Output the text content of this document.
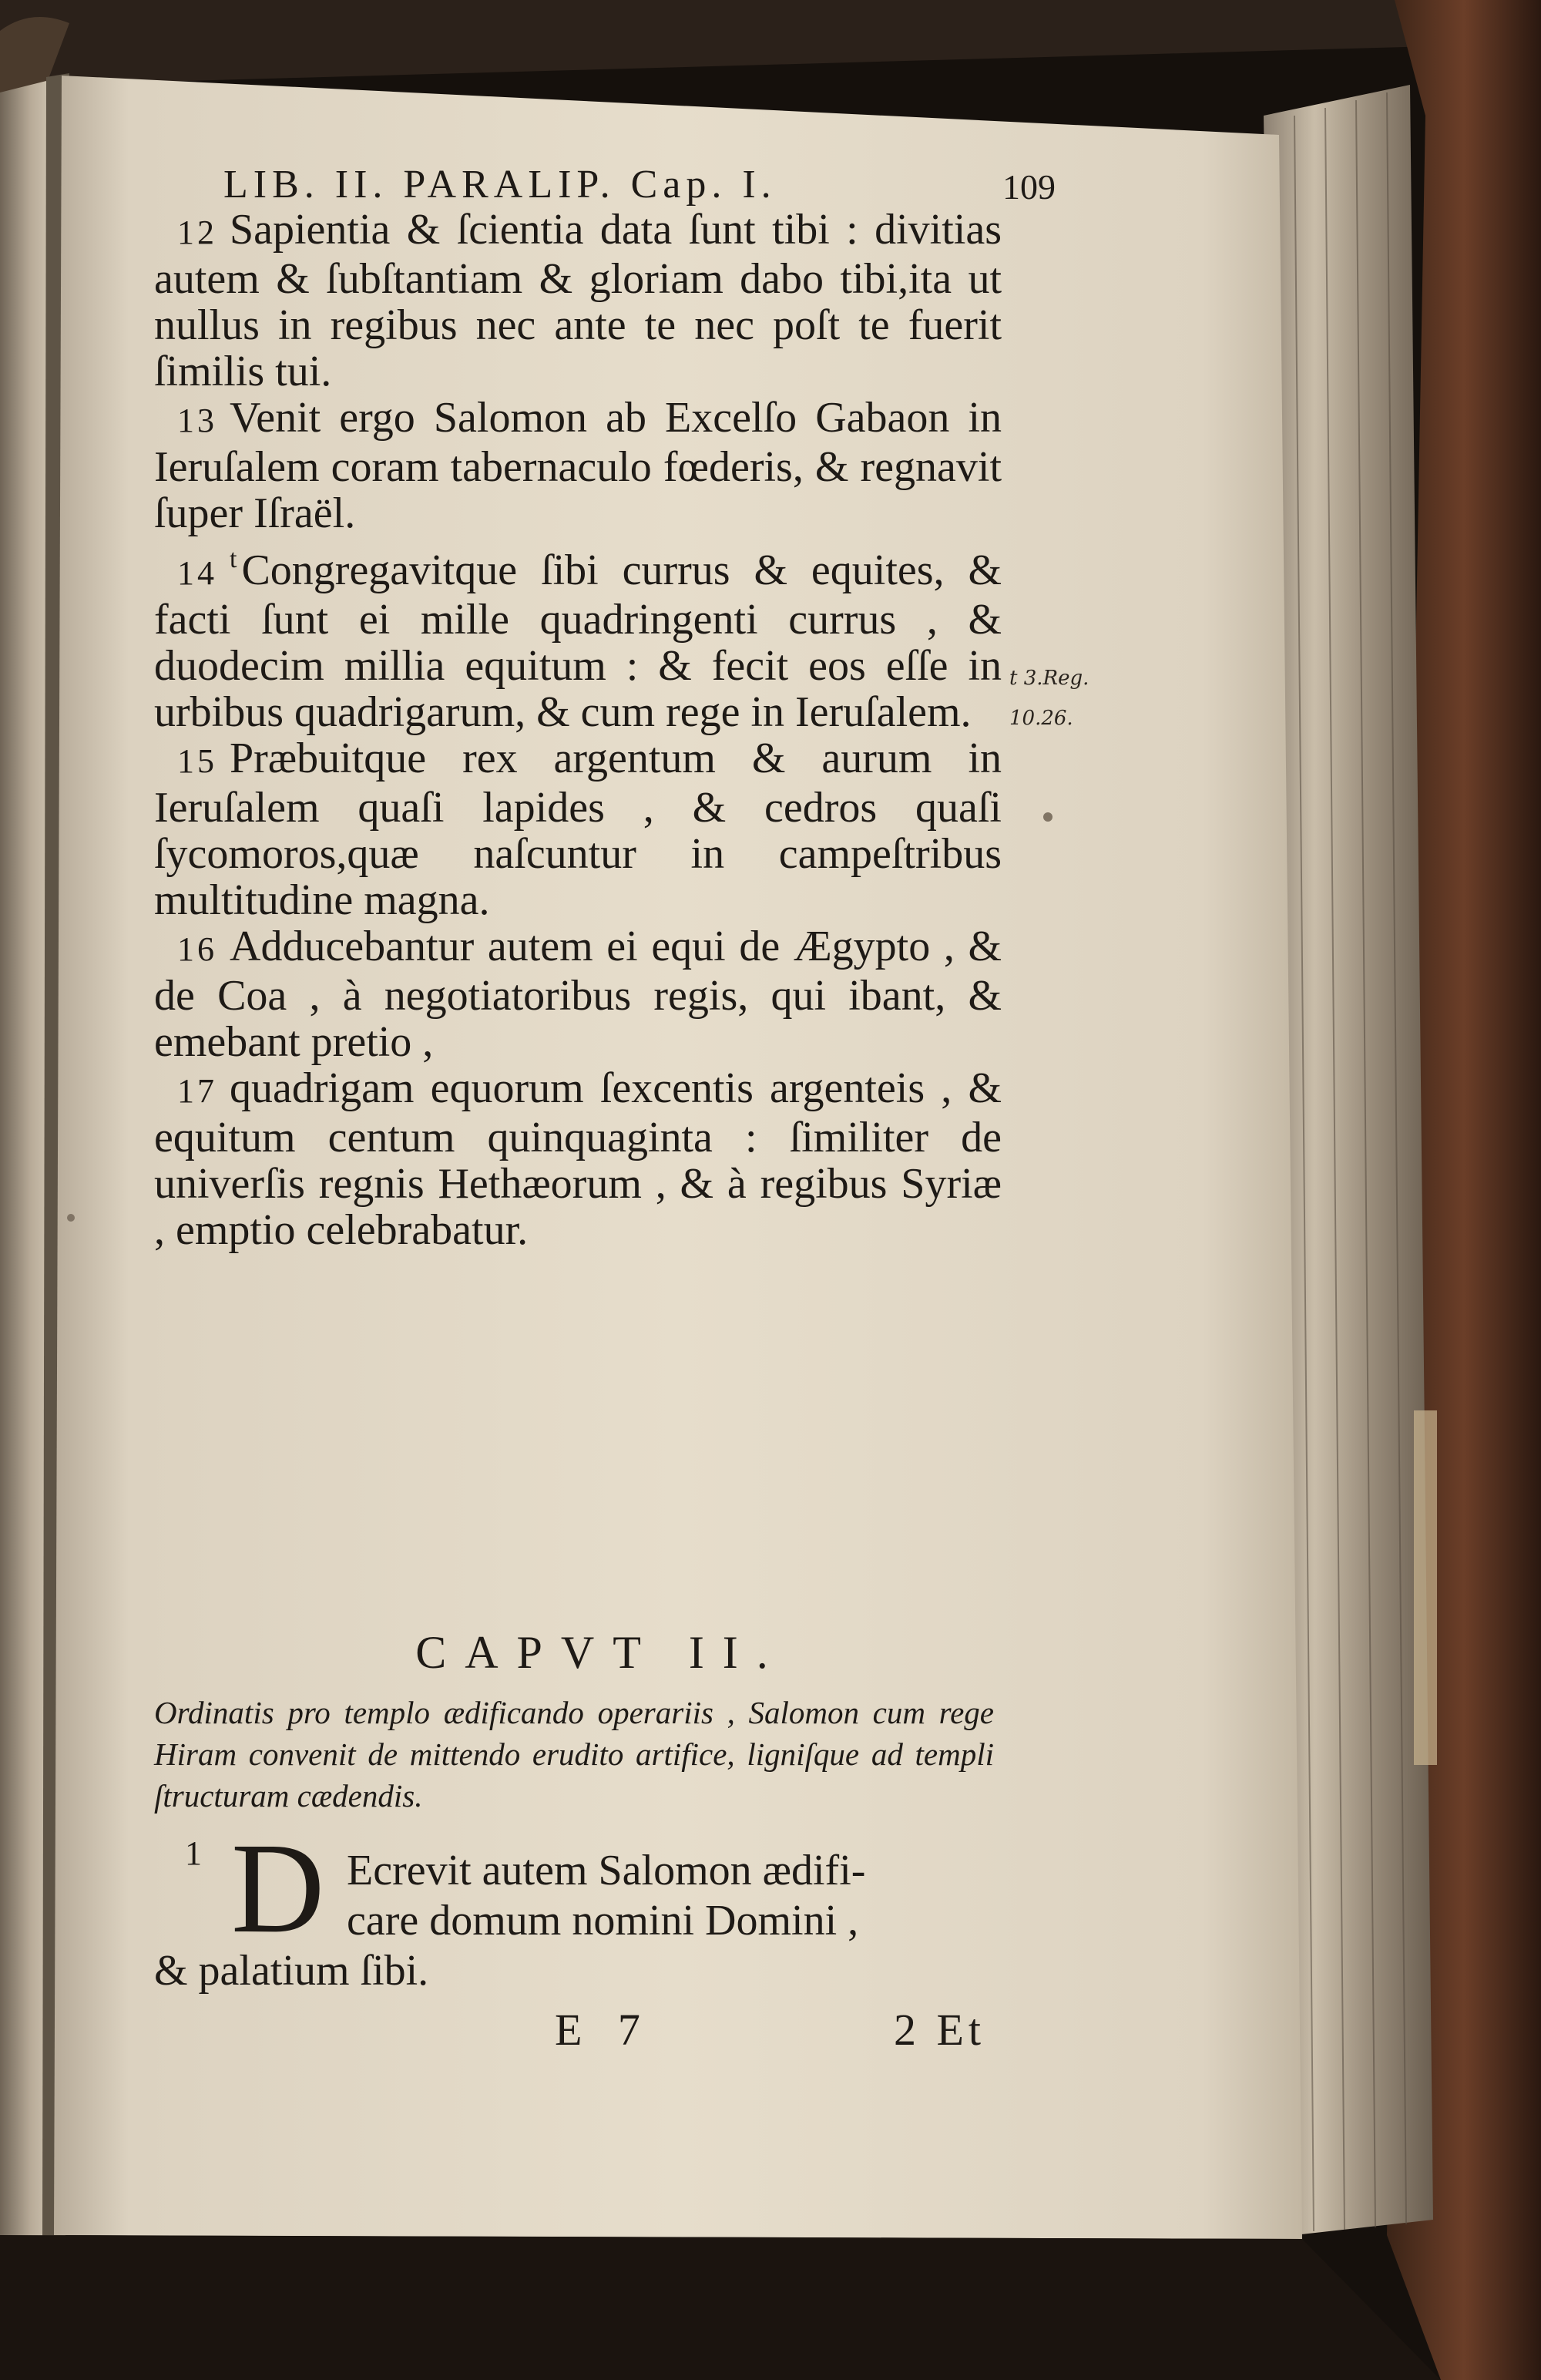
LIB. II. PARALIP. Cap. I.	109

12 Sapientia & ſcientia data ſunt tibi : divitias autem & ſubſtantiam & gloriam dabo tibi,ita ut nullus in regibus nec ante te nec poſt te fuerit ſimilis tui.

13 Venit ergo Salomon ab Excelſo Gabaon in Ieruſalem coram tabernaculo fœderis, & regnavit ſuper Iſraël.

14 $^t$ Congregavitque ſibi currus & equites, & facti ſunt ei mille quadringenti currus , & duodecim millia equitum : & fecit eos eſſe in urbibus quadrigarum, & cum rege in Ieruſalem.

15 Præbuitque rex argentum & aurum in Ieruſalem quaſi lapides , & cedros quaſi ſycomoros,quæ naſcuntur in campeſtribus multitudine magna.

16 Adducebantur autem ei equi de Ægypto , & de Coa , à negotiatoribus regis, qui ibant, & emebant pretio ,

17 quadrigam equorum ſexcentis argenteis , & equitum centum quinquaginta : ſimiliter de univerſis regnis Hethæorum , & à regibus Syriæ , emptio celebrabatur.

CAPVT II.
Ordinatis pro templo ædificando operariis , Salomon cum rege Hiram convenit de mittendo erudito artifice, ligniſque ad templi ſtructuram cædendis.
1 D Ecrevit autem Salomon ædifi-
care domum nomini Domini ,
& palatium ſibi.
E 7	2 Et
t 3.Reg. 10.26.
